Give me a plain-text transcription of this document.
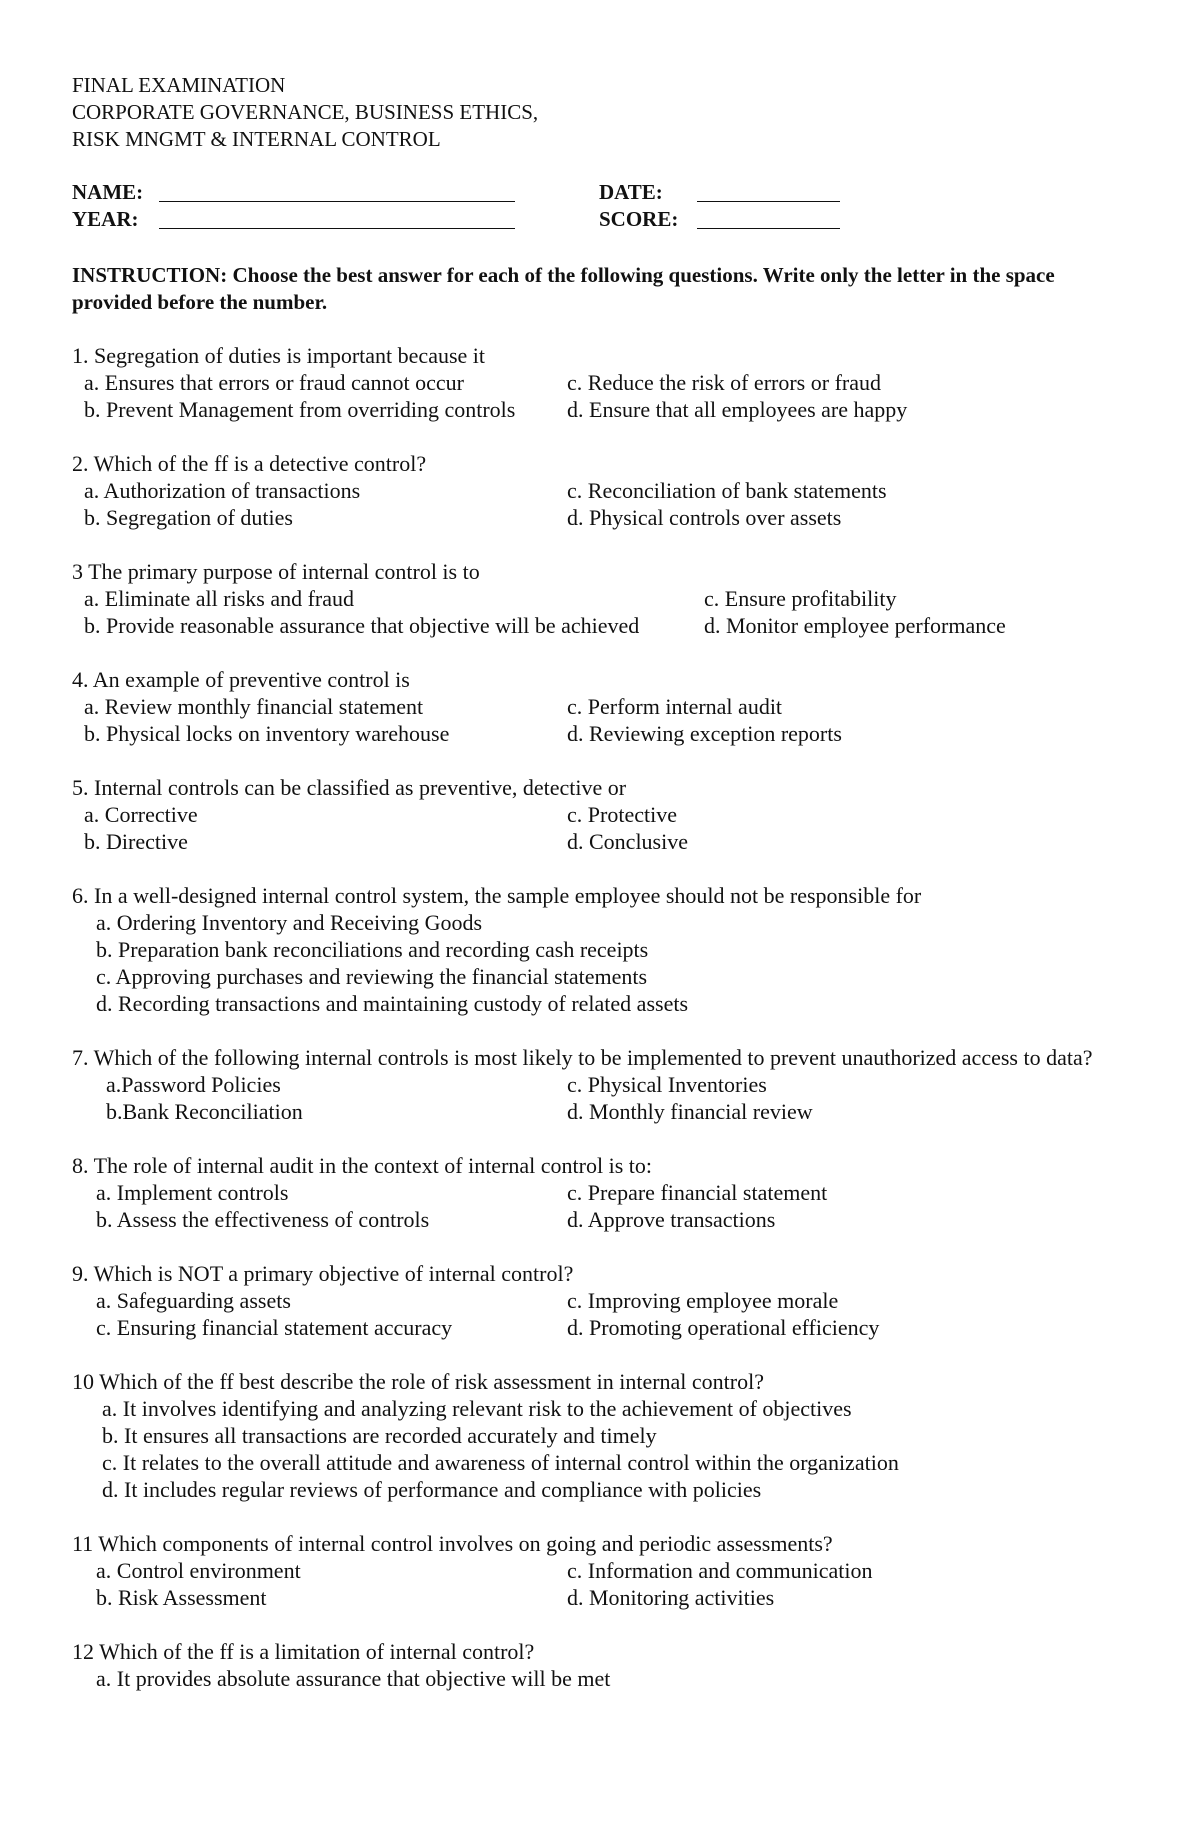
FINAL EXAMINATION
CORPORATE GOVERNANCE, BUSINESS ETHICS,
RISK MNGMT & INTERNAL CONTROL
NAME:	DATE:
YEAR:	SCORE:
INSTRUCTION: Choose the best answer for each of the following questions. Write only the letter in the space provided before the number.
1. Segregation of duties is important because it
a. Ensures that errors or fraud cannot occur	c. Reduce the risk of errors or fraud
b. Prevent Management from overriding controls d. Ensure that all employees are happy
2. Which of the ff is a detective control?
a. Authorization of transactions	c. Reconciliation of bank statements
b. Segregation of duties	d. Physical controls over assets
3 The primary purpose of internal control is to
a. Eliminate all risks and fraud	c. Ensure profitability
b. Provide reasonable assurance that objective will be achieved	d. Monitor employee performance
4. An example of preventive control is
a. Review monthly financial statement	c. Perform internal audit
b. Physical locks on inventory warehouse	d. Reviewing exception reports
5. Internal controls can be classified as preventive, detective or
a. Corrective	c. Protective
b. Directive	d. Conclusive
6. In a well-designed internal control system, the sample employee should not be responsible for
a. Ordering Inventory and Receiving Goods
b. Preparation bank reconciliations and recording cash receipts
c. Approving purchases and reviewing the financial statements
d. Recording transactions and maintaining custody of related assets
7. Which of the following internal controls is most likely to be implemented to prevent unauthorized access to data?
a.Password Policies	c. Physical Inventories
b.Bank Reconciliation	d. Monthly financial review
8. The role of internal audit in the context of internal control is to:
a. Implement controls	c. Prepare financial statement
b. Assess the effectiveness of controls	d. Approve transactions
9. Which is NOT a primary objective of internal control?
a. Safeguarding assets	c. Improving employee morale
c. Ensuring financial statement accuracy	d. Promoting operational efficiency
10 Which of the ff best describe the role of risk assessment in internal control?
a. It involves identifying and analyzing relevant risk to the achievement of objectives
b. It ensures all transactions are recorded accurately and timely
c. It relates to the overall attitude and awareness of internal control within the organization
d. It includes regular reviews of performance and compliance with policies
11 Which components of internal control involves on going and periodic assessments?
a. Control environment	c. Information and communication
b. Risk Assessment	d. Monitoring activities
12 Which of the ff is a limitation of internal control?
a. It provides absolute assurance that objective will be met
